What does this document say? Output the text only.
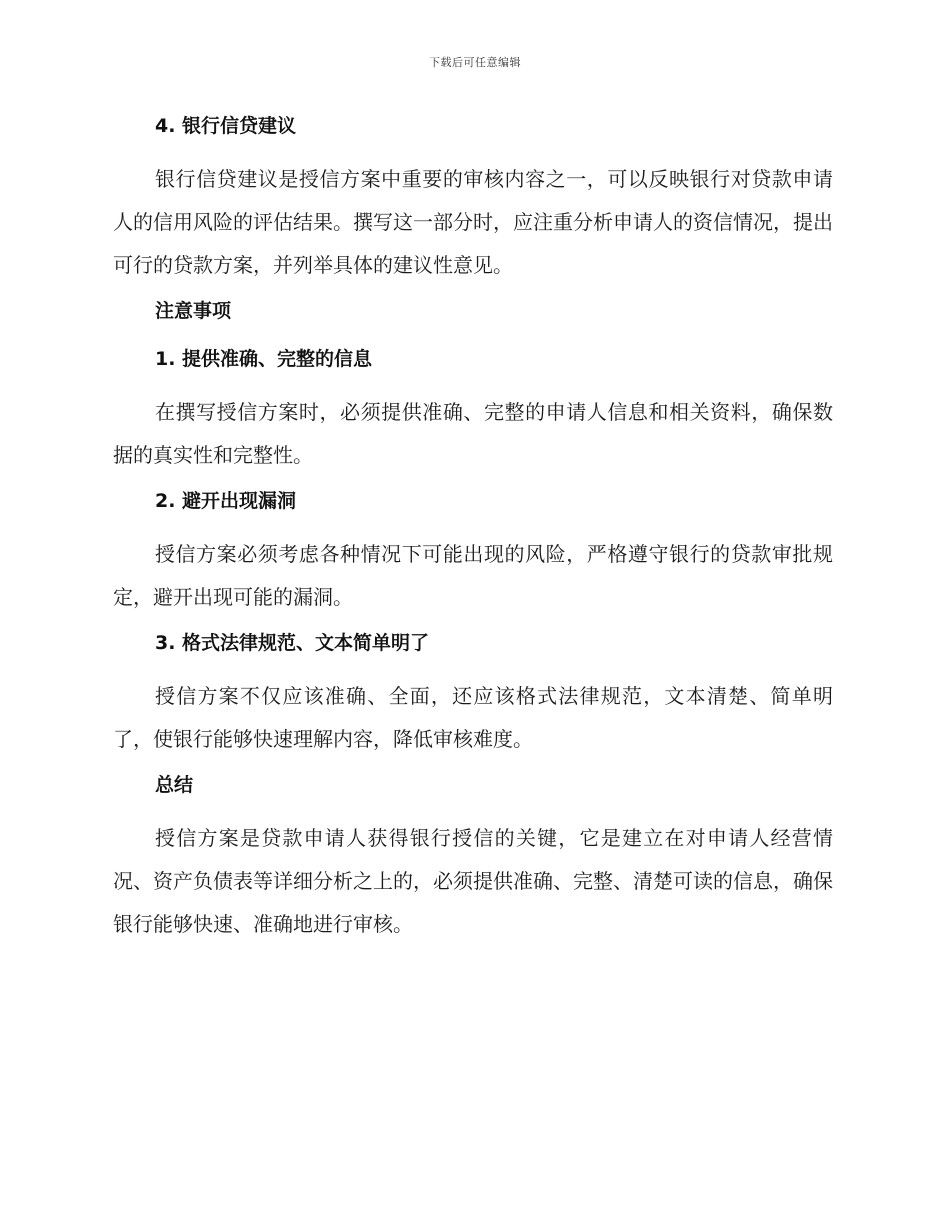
下载后可任意编辑
4. 银行信贷建议

银行信贷建议是授信方案中重要的审核内容之一，可以反映银行对贷款申请人的信用风险的评估结果。撰写这一部分时，应注重分析申请人的资信情况，提出可行的贷款方案，并列举具体的建议性意见。

注意事项
1. 提供准确、完整的信息

在撰写授信方案时，必须提供准确、完整的申请人信息和相关资料，确保数据的真实性和完整性。

2. 避开出现漏洞

授信方案必须考虑各种情况下可能出现的风险，严格遵守银行的贷款审批规定，避开出现可能的漏洞。

3. 格式法律规范、文本简单明了

授信方案不仅应该准确、全面，还应该格式法律规范，文本清楚、简单明了，使银行能够快速理解内容，降低审核难度。

总结

授信方案是贷款申请人获得银行授信的关键，它是建立在对申请人经营情况、资产负债表等详细分析之上的，必须提供准确、完整、清楚可读的信息，确保银行能够快速、准确地进行审核。
